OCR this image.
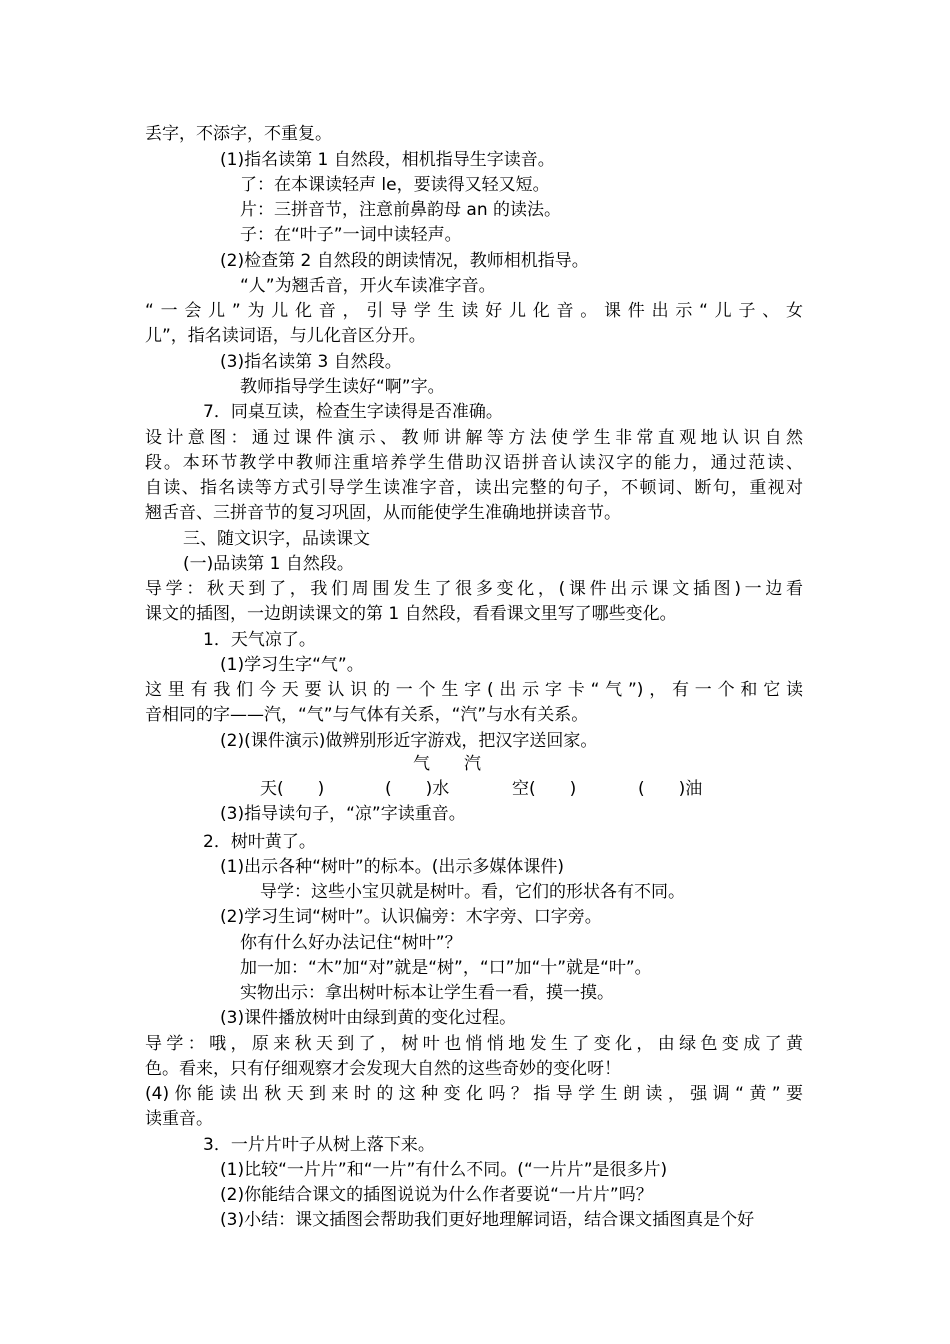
丢字，不添字，不重复。
(1)指名读第 1 自然段，相机指导生字读音。
了：在本课读轻声 le，要读得又轻又短。
片：三拼音节，注意前鼻韵母 an 的读法。
子：在“叶子”一词中读轻声。
(2)检查第 2 自然段的朗读情况，教师相机指导。
“人”为翘舌音，开火车读准字音。
“一会儿”为儿化音，引导学生读好儿化音。课件出示“儿子、女
儿”，指名读词语，与儿化音区分开。
(3)指名读第 3 自然段。
教师指导学生读好“啊”字。
7．同桌互读，检查生字读得是否准确。
设计意图：通过课件演示、教师讲解等方法使学生非常直观地认识自然
段。本环节教学中教师注重培养学生借助汉语拼音认读汉字的能力，通过范读、
自读、指名读等方式引导学生读准字音，读出完整的句子，不顿词、断句，重视对
翘舌音、三拼音节的复习巩固，从而能使学生准确地拼读音节。
三、随文识字，品读课文
(一)品读第 1 自然段。
导学：秋天到了，我们周围发生了很多变化，(课件出示课文插图)一边看
课文的插图，一边朗读课文的第 1 自然段，看看课文里写了哪些变化。
1．天气凉了。
(1)学习生字“气”。
这里有我们今天要认识的一个生字(出示字卡“气”)，有一个和它读
音相同的字——汽，“气”与气体有关系，“汽”与水有关系。
(2)(课件演示)做辨别形近字游戏，把汉字送回家。
气　　汽
天(　　)	(　　)水	空(　　)	(　　)油
(3)指导读句子，“凉”字读重音。
2．树叶黄了。
(1)出示各种“树叶”的标本。(出示多媒体课件)
导学：这些小宝贝就是树叶。看，它们的形状各有不同。
(2)学习生词“树叶”。认识偏旁：木字旁、口字旁。
你有什么好办法记住“树叶”？
加一加：“木”加“对”就是“树”，“口”加“十”就是“叶”。
实物出示：拿出树叶标本让学生看一看，摸一摸。
(3)课件播放树叶由绿到黄的变化过程。
导学：哦，原来秋天到了，树叶也悄悄地发生了变化，由绿色变成了黄
色。看来，只有仔细观察才会发现大自然的这些奇妙的变化呀！
(4)你能读出秋天到来时的这种变化吗？指导学生朗读，强调“黄”要
读重音。
3．一片片叶子从树上落下来。
(1)比较“一片片”和“一片”有什么不同。(“一片片”是很多片)
(2)你能结合课文的插图说说为什么作者要说“一片片”吗？
(3)小结：课文插图会帮助我们更好地理解词语，结合课文插图真是个好
